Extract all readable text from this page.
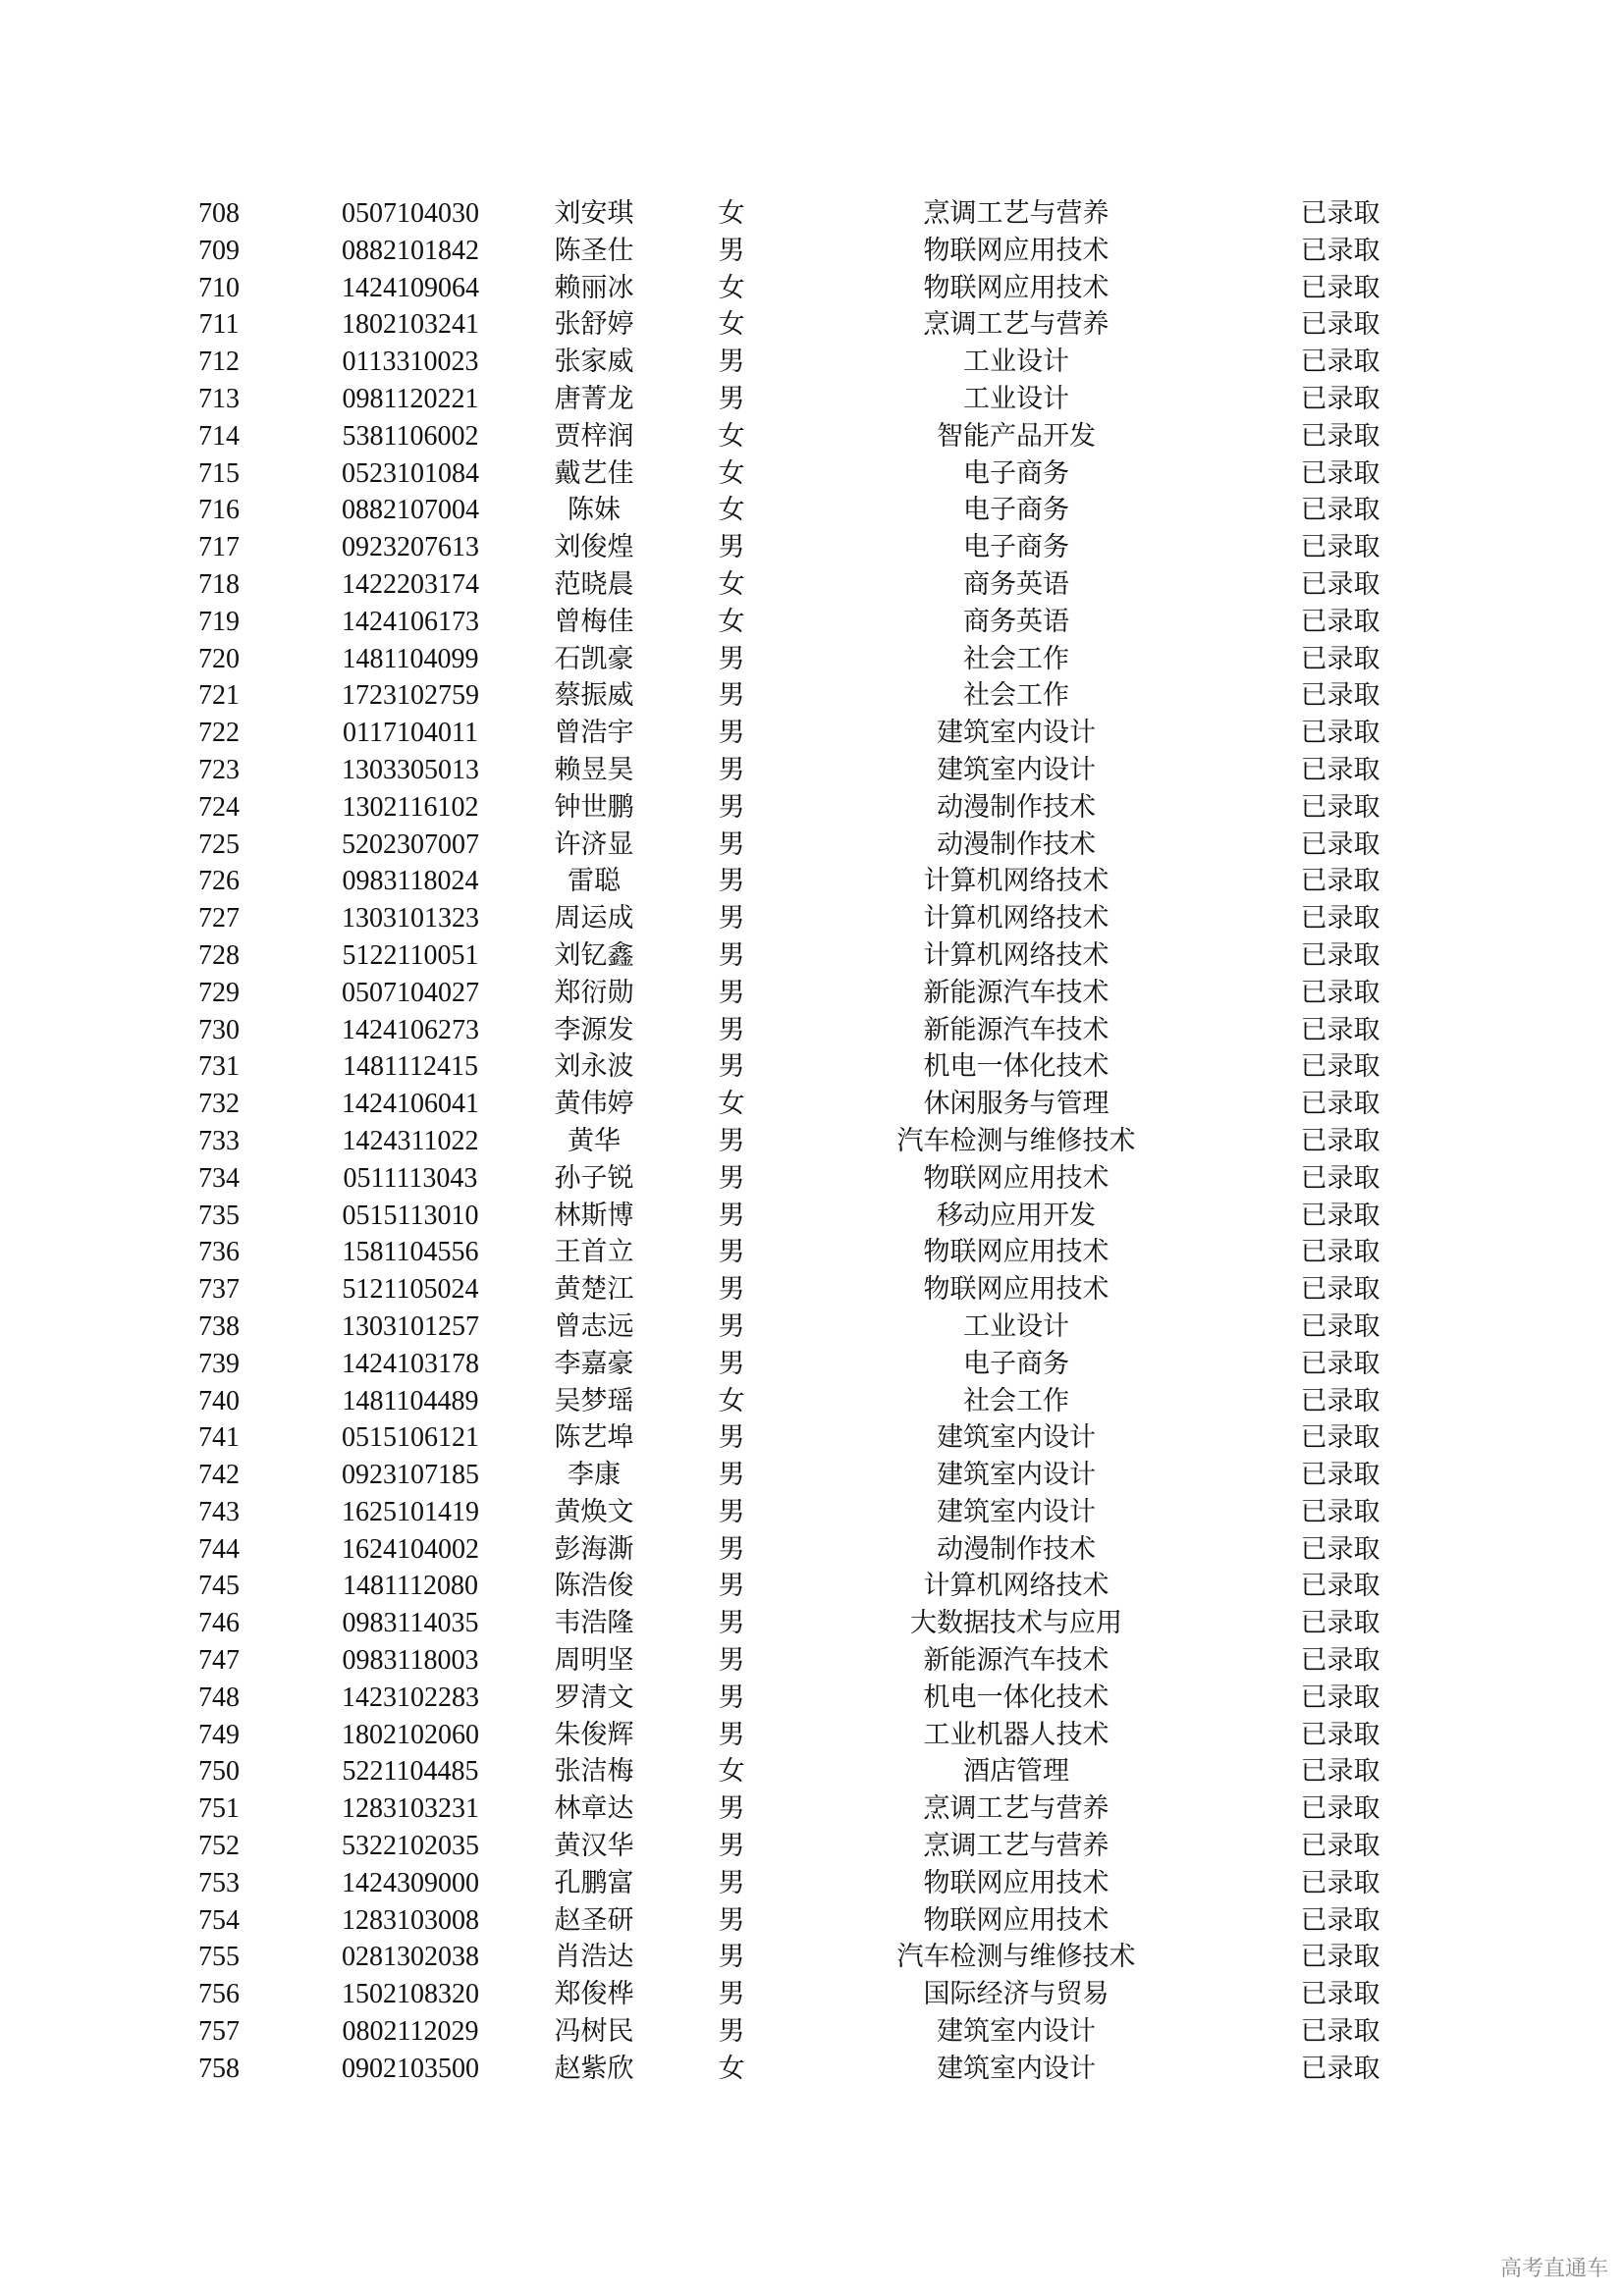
708	0507104030	刘安琪	女	烹调工艺与营养	已录取
709	0882101842	陈圣仕	男	物联网应用技术	已录取
710	1424109064	赖丽冰	女	物联网应用技术	已录取
711	1802103241	张舒婷	女	烹调工艺与营养	已录取
712	0113310023	张家威	男	工业设计	已录取
713	0981120221	唐菁龙	男	工业设计	已录取
714	5381106002	贾梓润	女	智能产品开发	已录取
715	0523101084	戴艺佳	女	电子商务	已录取
716	0882107004	陈妹	女	电子商务	已录取
717	0923207613	刘俊煌	男	电子商务	已录取
718	1422203174	范晓晨	女	商务英语	已录取
719	1424106173	曾梅佳	女	商务英语	已录取
720	1481104099	石凯豪	男	社会工作	已录取
721	1723102759	蔡振威	男	社会工作	已录取
722	0117104011	曾浩宇	男	建筑室内设计	已录取
723	1303305013	赖昱昊	男	建筑室内设计	已录取
724	1302116102	钟世鹏	男	动漫制作技术	已录取
725	5202307007	许济显	男	动漫制作技术	已录取
726	0983118024	雷聪	男	计算机网络技术	已录取
727	1303101323	周运成	男	计算机网络技术	已录取
728	5122110051	刘钇鑫	男	计算机网络技术	已录取
729	0507104027	郑衍勋	男	新能源汽车技术	已录取
730	1424106273	李源发	男	新能源汽车技术	已录取
731	1481112415	刘永波	男	机电一体化技术	已录取
732	1424106041	黄伟婷	女	休闲服务与管理	已录取
733	1424311022	黄华	男	汽车检测与维修技术	已录取
734	0511113043	孙子锐	男	物联网应用技术	已录取
735	0515113010	林斯博	男	移动应用开发	已录取
736	1581104556	王首立	男	物联网应用技术	已录取
737	5121105024	黄楚江	男	物联网应用技术	已录取
738	1303101257	曾志远	男	工业设计	已录取
739	1424103178	李嘉豪	男	电子商务	已录取
740	1481104489	吴梦瑶	女	社会工作	已录取
741	0515106121	陈艺埠	男	建筑室内设计	已录取
742	0923107185	李康	男	建筑室内设计	已录取
743	1625101419	黄焕文	男	建筑室内设计	已录取
744	1624104002	彭海澌	男	动漫制作技术	已录取
745	1481112080	陈浩俊	男	计算机网络技术	已录取
746	0983114035	韦浩隆	男	大数据技术与应用	已录取
747	0983118003	周明坚	男	新能源汽车技术	已录取
748	1423102283	罗清文	男	机电一体化技术	已录取
749	1802102060	朱俊辉	男	工业机器人技术	已录取
750	5221104485	张洁梅	女	酒店管理	已录取
751	1283103231	林章达	男	烹调工艺与营养	已录取
752	5322102035	黄汉华	男	烹调工艺与营养	已录取
753	1424309000	孔鹏富	男	物联网应用技术	已录取
754	1283103008	赵圣研	男	物联网应用技术	已录取
755	0281302038	肖浩达	男	汽车检测与维修技术	已录取
756	1502108320	郑俊桦	男	国际经济与贸易	已录取
757	0802112029	冯树民	男	建筑室内设计	已录取
758	0902103500	赵紫欣	女	建筑室内设计	已录取
高考直通车
